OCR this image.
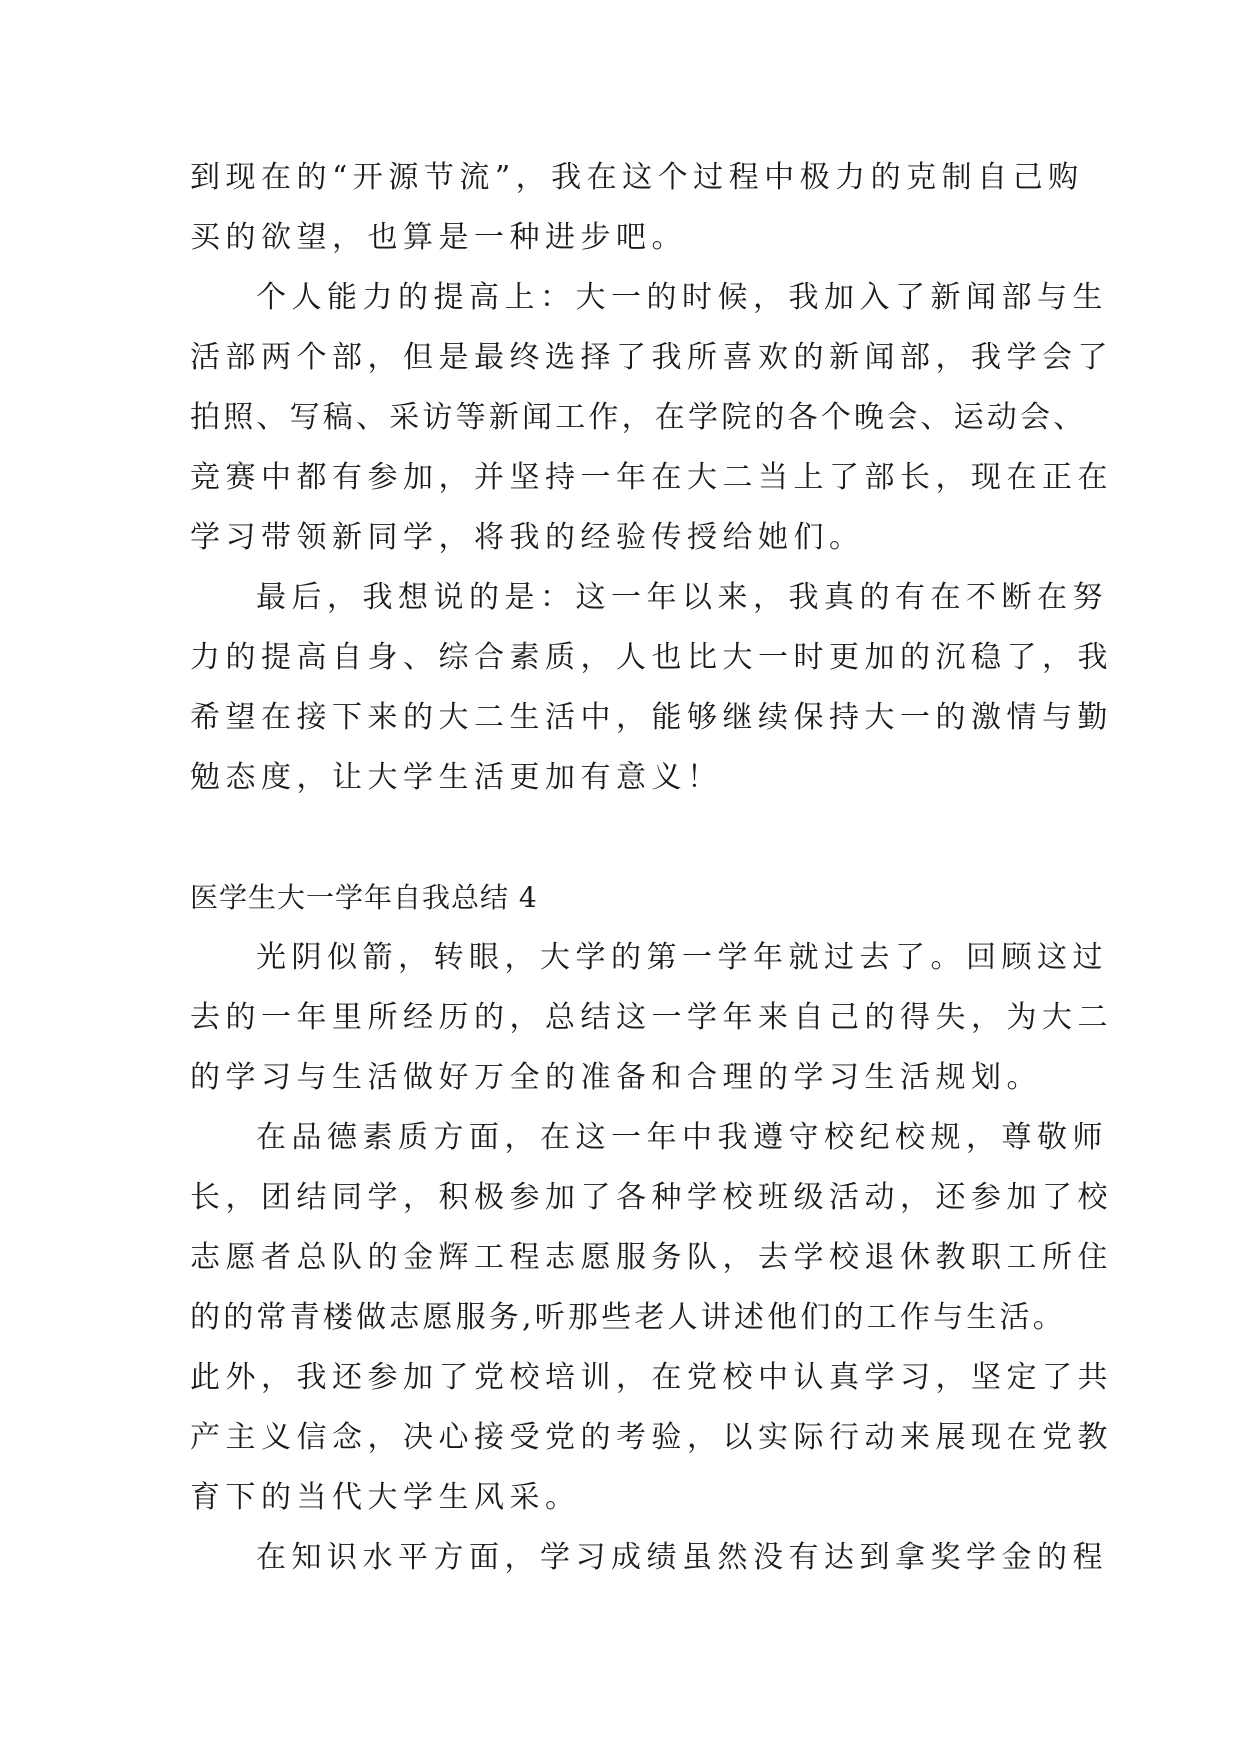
到现在的“开源节流”，我在这个过程中极力的克制自己购
买的欲望，也算是一种进步吧。
个人能力的提高上：大一的时候，我加入了新闻部与生
活部两个部，但是最终选择了我所喜欢的新闻部，我学会了
拍照、写稿、采访等新闻工作，在学院的各个晚会、运动会、
竞赛中都有参加，并坚持一年在大二当上了部长，现在正在
学习带领新同学，将我的经验传授给她们。
最后，我想说的是：这一年以来，我真的有在不断在努
力的提高自身、综合素质，人也比大一时更加的沉稳了，我
希望在接下来的大二生活中，能够继续保持大一的激情与勤
勉态度，让大学生活更加有意义！
医学生大一学年自我总结 4
光阴似箭，转眼，大学的第一学年就过去了。回顾这过
去的一年里所经历的，总结这一学年来自己的得失，为大二
的学习与生活做好万全的准备和合理的学习生活规划。
在品德素质方面，在这一年中我遵守校纪校规，尊敬师
长，团结同学，积极参加了各种学校班级活动，还参加了校
志愿者总队的金辉工程志愿服务队，去学校退休教职工所住
的的常青楼做志愿服务,听那些老人讲述他们的工作与生活。
此外，我还参加了党校培训，在党校中认真学习，坚定了共
产主义信念，决心接受党的考验，以实际行动来展现在党教
育下的当代大学生风采。
在知识水平方面，学习成绩虽然没有达到拿奖学金的程
